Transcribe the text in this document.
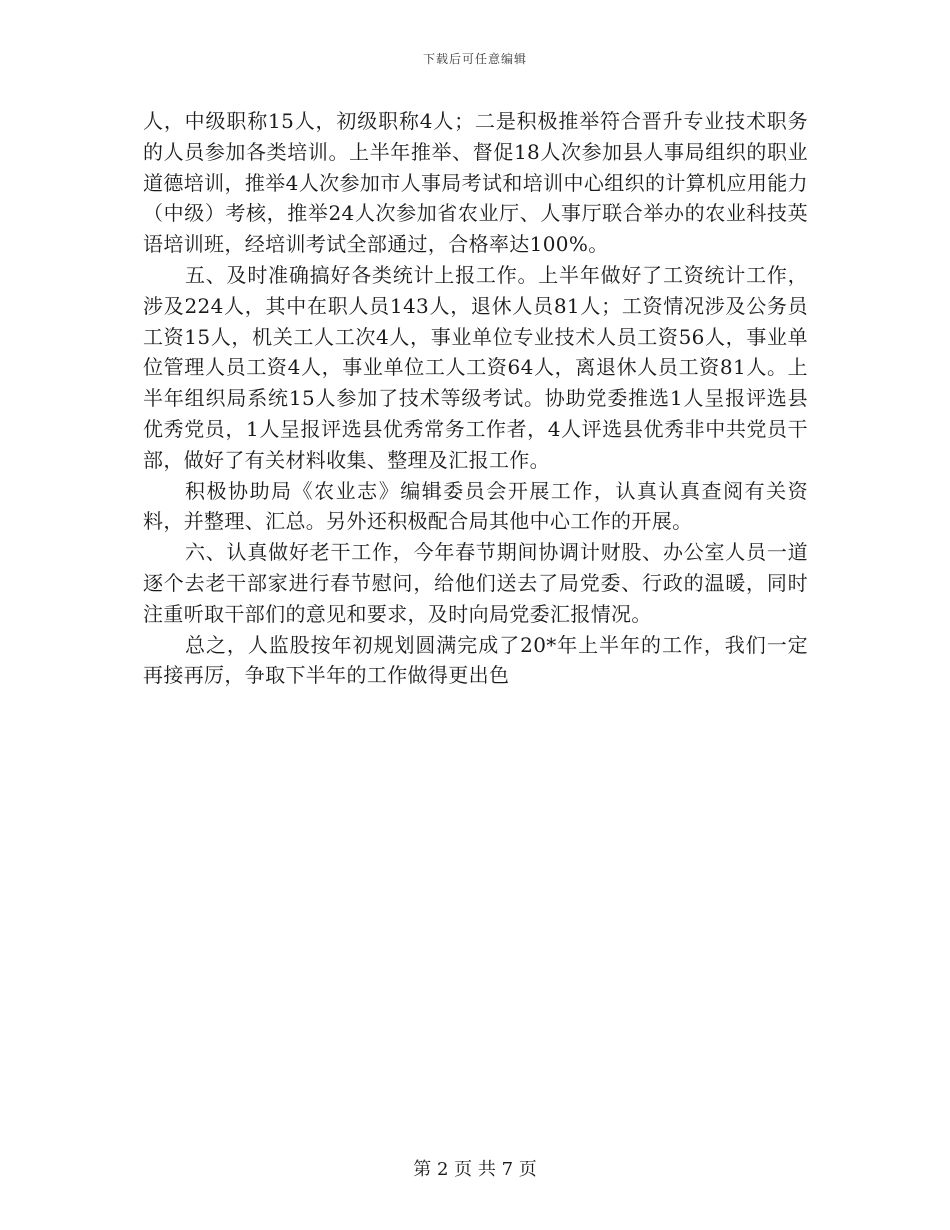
下载后可任意编辑

人，中级职称15人，初级职称4人；二是积极推举符合晋升专业技术职务的人员参加各类培训。上半年推举、督促18人次参加县人事局组织的职业道德培训，推举4人次参加市人事局考试和培训中心组织的计算机应用能力（中级）考核，推举24人次参加省农业厅、人事厅联合举办的农业科技英语培训班，经培训考试全部通过，合格率达100%。

五、及时准确搞好各类统计上报工作。上半年做好了工资统计工作，涉及224人，其中在职人员143人，退休人员81人；工资情况涉及公务员工资15人，机关工人工次4人，事业单位专业技术人员工资56人，事业单位管理人员工资4人，事业单位工人工资64人，离退休人员工资81人。上半年组织局系统15人参加了技术等级考试。协助党委推选1人呈报评选县优秀党员，1人呈报评选县优秀常务工作者，4人评选县优秀非中共党员干部，做好了有关材料收集、整理及汇报工作。

积极协助局《农业志》编辑委员会开展工作，认真认真查阅有关资料，并整理、汇总。另外还积极配合局其他中心工作的开展。

六、认真做好老干工作，今年春节期间协调计财股、办公室人员一道逐个去老干部家进行春节慰问，给他们送去了局党委、行政的温暖，同时注重听取干部们的意见和要求，及时向局党委汇报情况。

总之，人监股按年初规划圆满完成了20*年上半年的工作，我们一定再接再厉，争取下半年的工作做得更出色

第 2 页 共 7 页
